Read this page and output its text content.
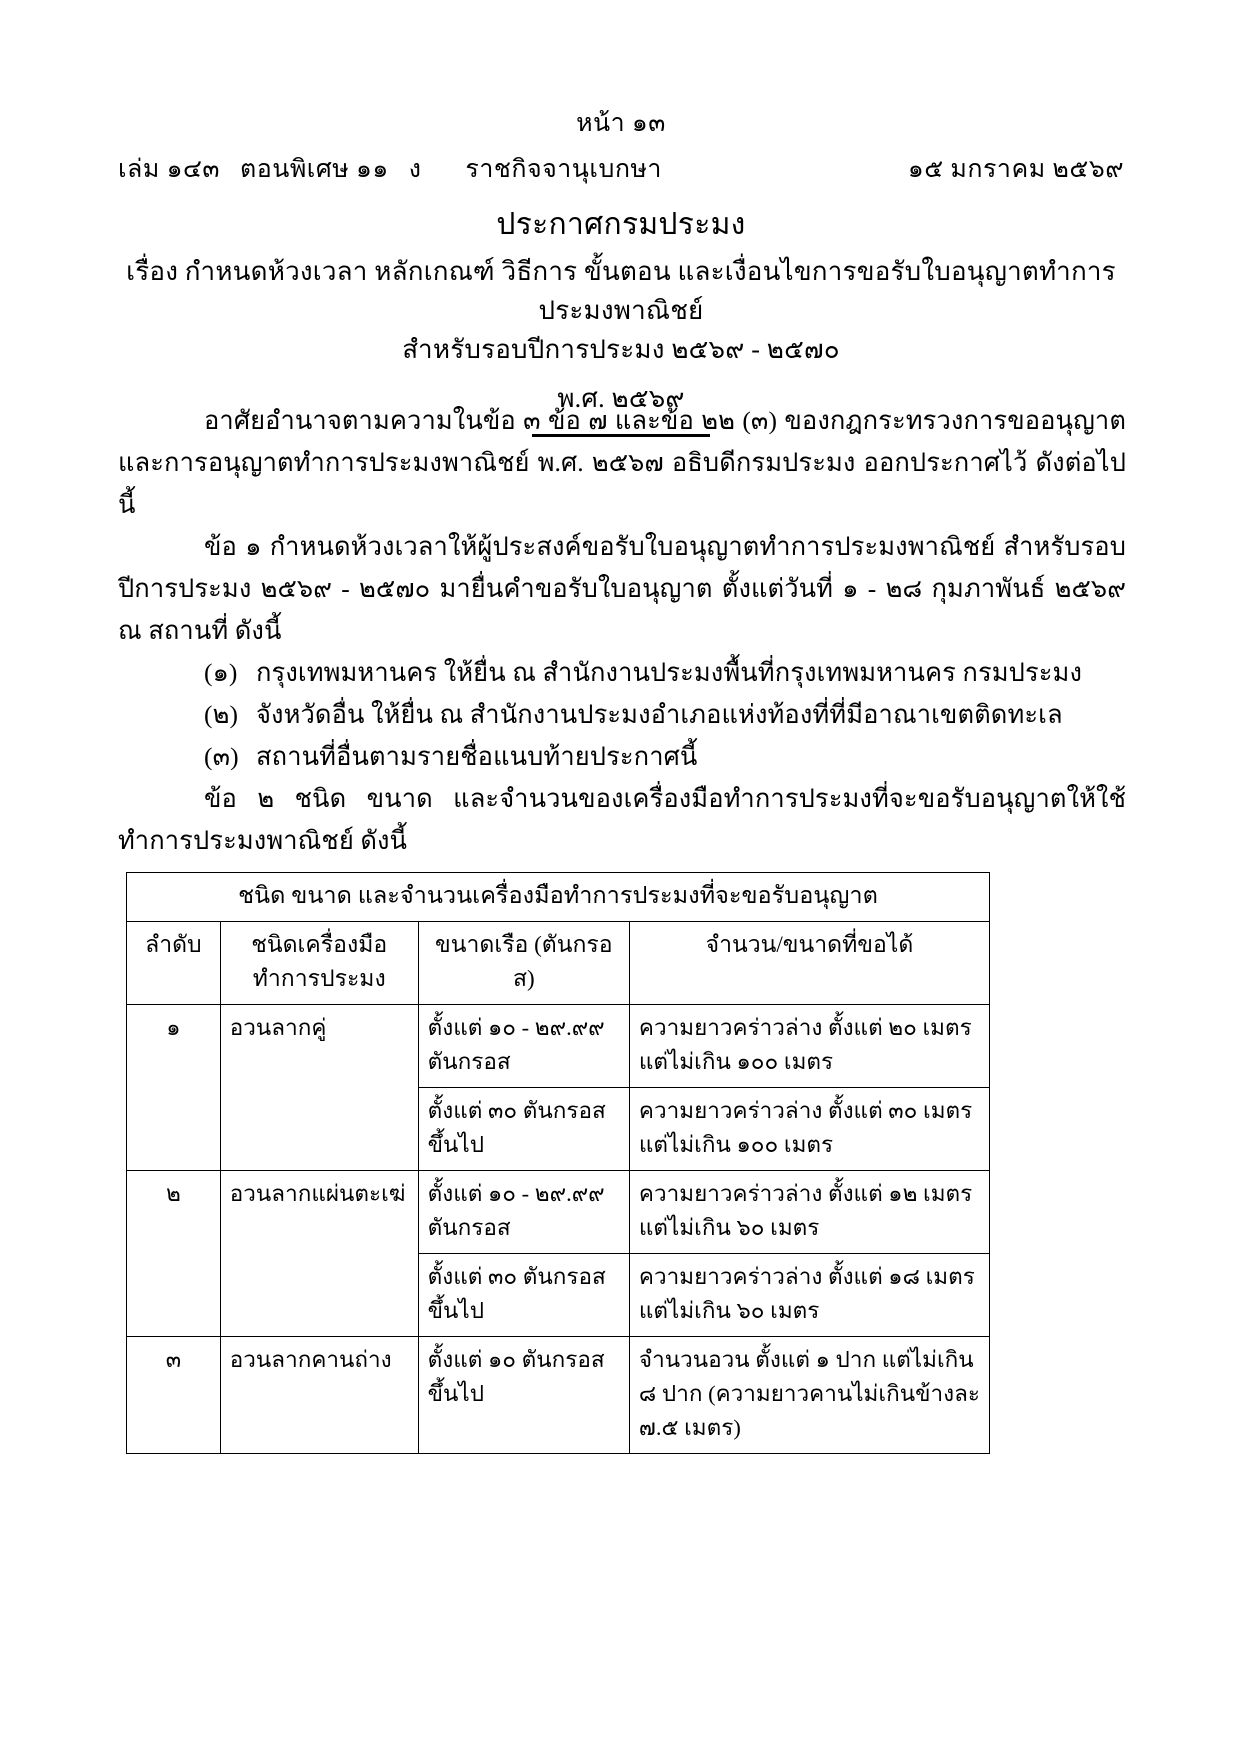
หน้า ๑๓
เล่ม ๑๔๓ ตอนพิเศษ ๑๑ ง ราชกิจจานุเบกษา	๑๕ มกราคม ๒๕๖๙
ประกาศกรมประมง
เรื่อง กำหนดห้วงเวลา หลักเกณฑ์ วิธีการ ขั้นตอน และเงื่อนไขการขอรับใบอนุญาตทำการประมงพาณิชย์
สำหรับรอบปีการประมง ๒๕๖๙ - ๒๕๗๐
พ.ศ. ๒๕๖๙

อาศัยอำนาจตามความในข้อ ๓ ข้อ ๗ และข้อ ๒๒ (๓) ของกฎกระทรวงการขออนุญาตและการอนุญาตทำการประมงพาณิชย์ พ.ศ. ๒๕๖๗ อธิบดีกรมประมง ออกประกาศไว้ ดังต่อไปนี้

ข้อ ๑ กำหนดห้วงเวลาให้ผู้ประสงค์ขอรับใบอนุญาตทำการประมงพาณิชย์ สำหรับรอบปีการประมง ๒๕๖๙ - ๒๕๗๐ มายื่นคำขอรับใบอนุญาต ตั้งแต่วันที่ ๑ - ๒๘ กุมภาพันธ์ ๒๕๖๙ ณ สถานที่ ดังนี้

(๑) กรุงเทพมหานคร ให้ยื่น ณ สำนักงานประมงพื้นที่กรุงเทพมหานคร กรมประมง

(๒) จังหวัดอื่น ให้ยื่น ณ สำนักงานประมงอำเภอแห่งท้องที่ที่มีอาณาเขตติดทะเล

(๓) สถานที่อื่นตามรายชื่อแนบท้ายประกาศนี้

ข้อ ๒ ชนิด ขนาด และจำนวนของเครื่องมือทำการประมงที่จะขอรับอนุญาตให้ใช้ทำการประมงพาณิชย์ ดังนี้

ชนิด ขนาด และจำนวนเครื่องมือทำการประมงที่จะขอรับอนุญาต			
ลำดับ	ชนิดเครื่องมือทำการประมง	ขนาดเรือ (ตันกรอส)	จำนวน/ขนาดที่ขอได้
๑	อวนลากคู่	ตั้งแต่ ๑๐ - ๒๙.๙๙ ตันกรอส	ความยาวคร่าวล่าง ตั้งแต่ ๒๐ เมตร แต่ไม่เกิน ๑๐๐ เมตร
		ตั้งแต่ ๓๐ ตันกรอสขึ้นไป	ความยาวคร่าวล่าง ตั้งแต่ ๓๐ เมตร แต่ไม่เกิน ๑๐๐ เมตร
๒	อวนลากแผ่นตะเฆ่	ตั้งแต่ ๑๐ - ๒๙.๙๙ ตันกรอส	ความยาวคร่าวล่าง ตั้งแต่ ๑๒ เมตร แต่ไม่เกิน ๖๐ เมตร
		ตั้งแต่ ๓๐ ตันกรอสขึ้นไป	ความยาวคร่าวล่าง ตั้งแต่ ๑๘ เมตร แต่ไม่เกิน ๖๐ เมตร
๓	อวนลากคานถ่าง	ตั้งแต่ ๑๐ ตันกรอสขึ้นไป	จำนวนอวน ตั้งแต่ ๑ ปาก แต่ไม่เกิน ๘ ปาก (ความยาวคานไม่เกินข้างละ ๗.๕ เมตร)
